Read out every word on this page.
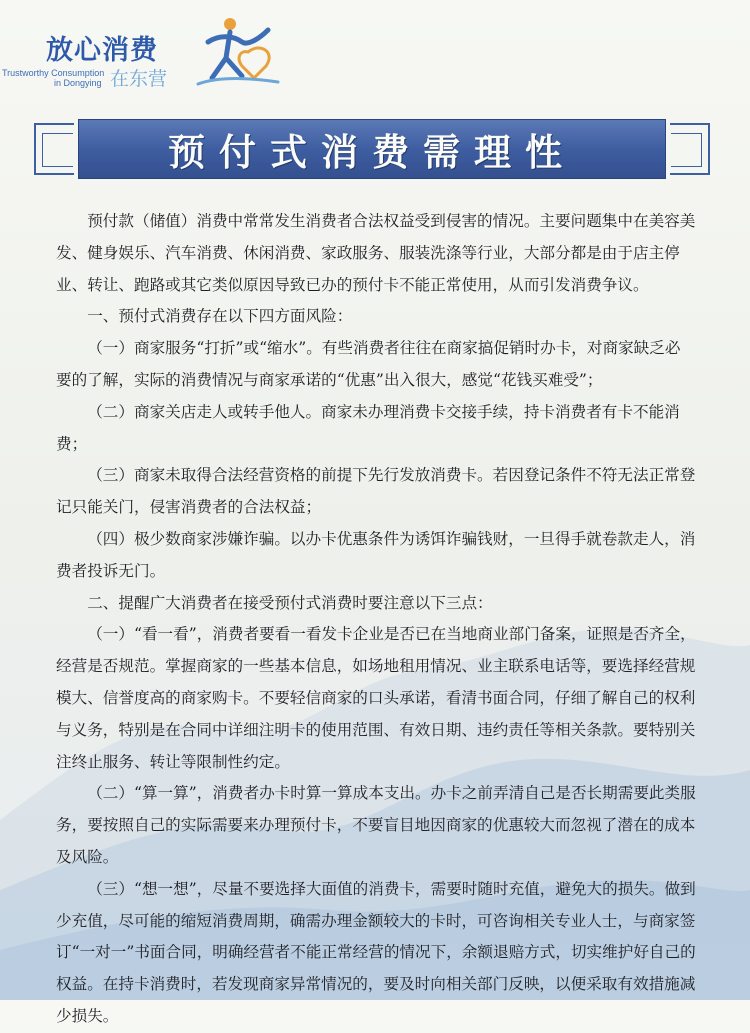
放心消费
Trustworthy Consumption
in Dongying 在东营
预付式消费需理性

预付款（储值）消费中常常发生消费者合法权益受到侵害的情况。主要问题集中在美容美发、健身娱乐、汽车消费、休闲消费、家政服务、服装洗涤等行业，大部分都是由于店主停业、转让、跑路或其它类似原因导致已办的预付卡不能正常使用，从而引发消费争议。

一、预付式消费存在以下四方面风险：

（一）商家服务“打折”或“缩水”。有些消费者往往在商家搞促销时办卡，对商家缺乏必要的了解，实际的消费情况与商家承诺的“优惠”出入很大，感觉“花钱买难受”；

（二）商家关店走人或转手他人。商家未办理消费卡交接手续，持卡消费者有卡不能消费；

（三）商家未取得合法经营资格的前提下先行发放消费卡。若因登记条件不符无法正常登记只能关门，侵害消费者的合法权益；

（四）极少数商家涉嫌诈骗。以办卡优惠条件为诱饵诈骗钱财，一旦得手就卷款走人，消费者投诉无门。

二、提醒广大消费者在接受预付式消费时要注意以下三点：

（一）“看一看”，消费者要看一看发卡企业是否已在当地商业部门备案，证照是否齐全，经营是否规范。掌握商家的一些基本信息，如场地租用情况、业主联系电话等，要选择经营规模大、信誉度高的商家购卡。不要轻信商家的口头承诺，看清书面合同，仔细了解自己的权利与义务，特别是在合同中详细注明卡的使用范围、有效日期、违约责任等相关条款。要特别关注终止服务、转让等限制性约定。

（二）“算一算”，消费者办卡时算一算成本支出。办卡之前弄清自己是否长期需要此类服务，要按照自己的实际需要来办理预付卡，不要盲目地因商家的优惠较大而忽视了潜在的成本及风险。

（三）“想一想”，尽量不要选择大面值的消费卡，需要时随时充值，避免大的损失。做到少充值，尽可能的缩短消费周期，确需办理金额较大的卡时，可咨询相关专业人士，与商家签订“一对一”书面合同，明确经营者不能正常经营的情况下，余额退赔方式，切实维护好自己的权益。在持卡消费时，若发现商家异常情况的，要及时向相关部门反映，以便采取有效措施减少损失。
